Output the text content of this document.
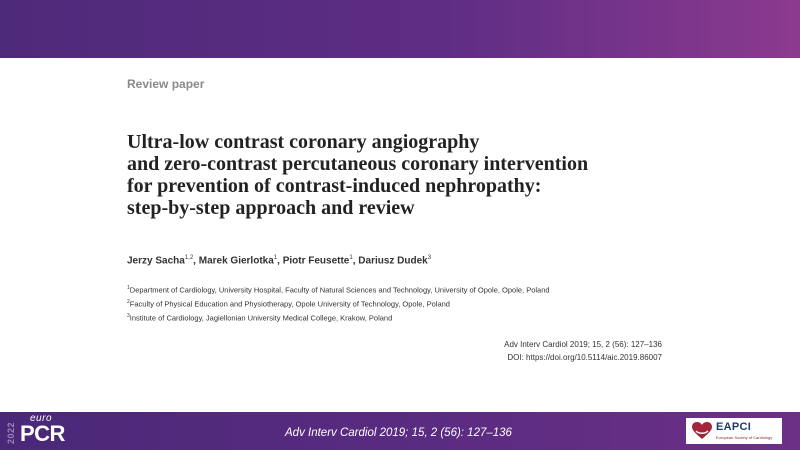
Review paper
Ultra-low contrast coronary angiography
and zero-contrast percutaneous coronary intervention
for prevention of contrast-induced nephropathy:
step-by-step approach and review
Jerzy Sacha$^{1,2}$, Marek Gierlotka$^1$, Piotr Feusette$^1$, Dariusz Dudek$^3$
$^1$Department of Cardiology, University Hospital, Faculty of Natural Sciences and Technology, University of Opole, Opole, Poland
$^2$Faculty of Physical Education and Physiotherapy, Opole University of Technology, Opole, Poland
$^3$Institute of Cardiology, Jagiellonian University Medical College, Krakow, Poland
Adv Interv Cardiol 2019; 15, 2 (56): 127–136
DOI: https://doi.org/10.5114/aic.2019.86007
2022
euro
PCR	Adv Interv Cardiol 2019; 15, 2 (56): 127–136	EAPCI
European Society of Cardiology
